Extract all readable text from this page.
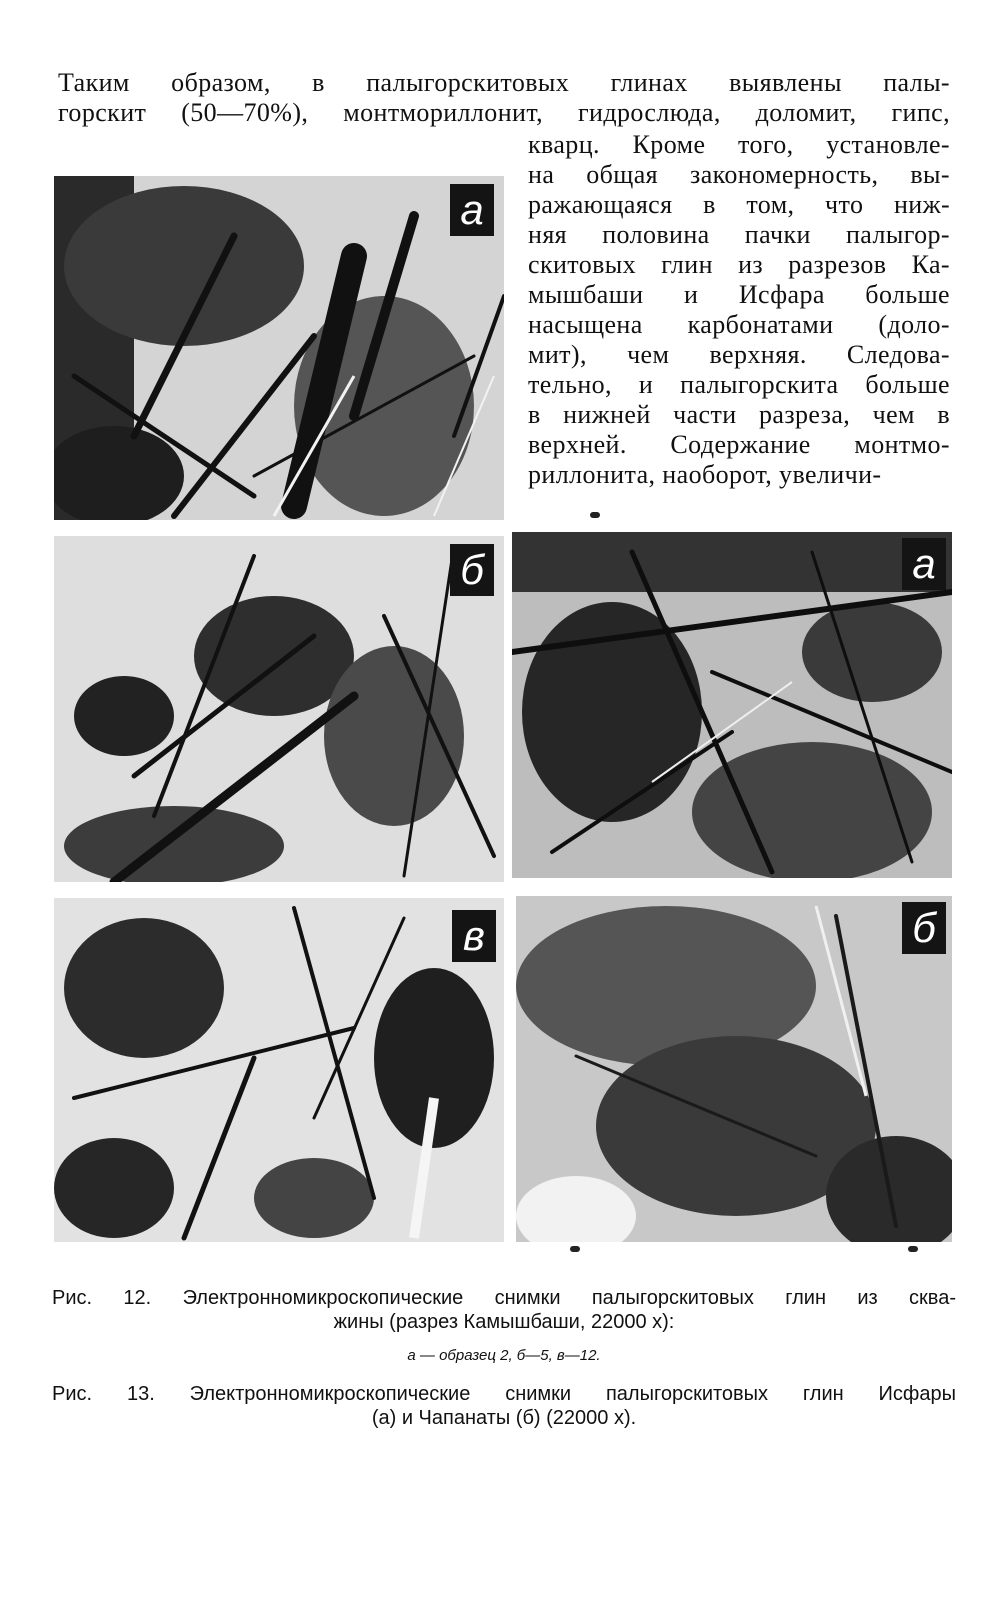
Таким образом, в палыгорскитовых глинах выявлены палы-
горскит (50—70%), монтмориллонит, гидрослюда, доломит, гипс,
кварц. Кроме того, установле-
на общая закономерность, вы-
ражающаяся в том, что ниж-
няя половина пачки палыгор-
скитовых глин из разрезов Ка-
мышбаши и Исфара больше
насыщена карбонатами (доло-
мит), чем верхняя. Следова-
тельно, и палыгорскита больше
в нижней части разреза, чем в
верхней. Содержание монтмо-
риллонита, наоборот, увеличи-
а
б	а
в	б
Рис. 12. Электронномикроскопические снимки палыгорскитовых глин из сква-
жины (разрез Камышбаши, 22000 х):
а — образец 2, б—5, в—12.
Рис. 13. Электронномикроскопические снимки палыгорскитовых глин Исфары
(а) и Чапанаты (б) (22000 х).
